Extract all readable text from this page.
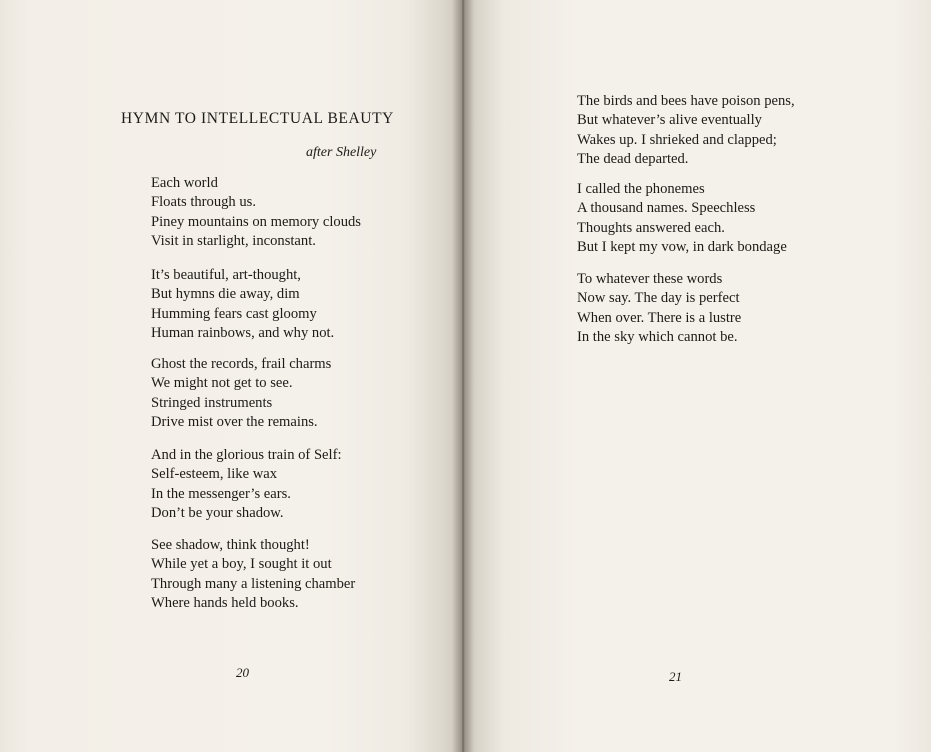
HYMN TO INTELLECTUAL BEAUTY
after Shelley
Each world
Floats through us.
Piney mountains on memory clouds
Visit in starlight, inconstant.
It’s beautiful, art-thought,
But hymns die away, dim
Humming fears cast gloomy
Human rainbows, and why not.
Ghost the records, frail charms
We might not get to see.
Stringed instruments
Drive mist over the remains.
And in the glorious train of Self:
Self-esteem, like wax
In the messenger’s ears.
Don’t be your shadow.
See shadow, think thought!
While yet a boy, I sought it out
Through many a listening chamber
Where hands held books.
20
The birds and bees have poison pens,
But whatever’s alive eventually
Wakes up. I shrieked and clapped;
The dead departed.
I called the phonemes
A thousand names. Speechless
Thoughts answered each.
But I kept my vow, in dark bondage
To whatever these words
Now say. The day is perfect
When over. There is a lustre
In the sky which cannot be.
21
